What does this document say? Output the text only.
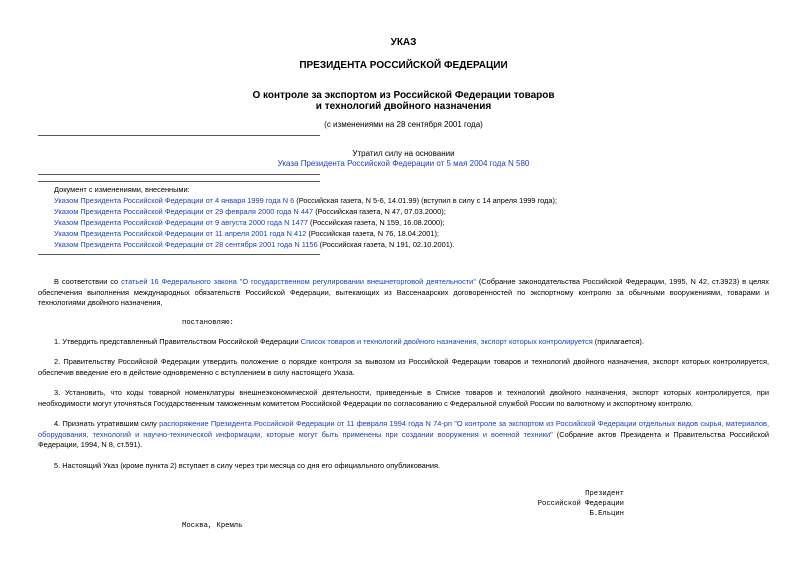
УКАЗ
ПРЕЗИДЕНТА РОССИЙСКОЙ ФЕДЕРАЦИИ
О контроле за экспортом из Российской Федерации товаров
и технологий двойного назначения
(с изменениями на 28 сентября 2001 года)
Утратил силу на основании
Указа Президента Российской Федерации от 5 мая 2004 года N 580
Документ с изменениями, внесенными:
Указом Президента Российской Федерации от 4 января 1999 года N 6 (Российская газета, N 5-6, 14.01.99) (вступил в силу с 14 апреля 1999 года);
Указом Президента Российской Федерации от 29 февраля 2000 года N 447 (Российская газета, N 47, 07.03.2000);
Указом Президента Российской Федерации от 9 августа 2000 года N 1477 (Российская газета, N 159, 16.08.2000);
Указом Президента Российской Федерации от 11 апреля 2001 года N 412 (Российская газета, N 76, 18.04.2001);
Указом Президента Российской Федерации от 28 сентября 2001 года N 1156 (Российская газета, N 191, 02.10.2001).
В соответствии со статьей 16 Федерального закона "О государственном регулировании внешнеторговой деятельности" (Собрание законодательства Российской Федерации, 1995, N 42, ст.3923) в целях обеспечения выполнения международных обязательств Российской Федерации, вытекающих из Вассенаарских договоренностей по экспортному контролю за обычными вооружениями, товарами и технологиями двойного назначения,
постановляю:
1. Утвердить представленный Правительством Российской Федерации Список товаров и технологий двойного назначения, экспорт которых контролируется (прилагается).
2. Правительству Российской Федерации утвердить положение о порядке контроля за вывозом из Российской Федерации товаров и технологий двойного назначения, экспорт которых контролируется, обеспечив введение его в действие одновременно с вступлением в силу настоящего Указа.
3. Установить, что коды товарной номенклатуры внешнеэкономической деятельности, приведенные в Списке товаров и технологий двойного назначения, экспорт которых контролируется, при необходимости могут уточняться Государственным таможенным комитетом Российской Федерации по согласованию с Федеральной службой России по валютному и экспортному контролю.
4. Признать утратившим силу распоряжение Президента Российской Федерации от 11 февраля 1994 года N 74-рп "О контроле за экспортом из Российской Федерации отдельных видов сырья, материалов, оборудования, технологий и научно-технической информации, которые могут быть применены при создании вооружения и военной техники" (Собрание актов Президента и Правительства Российской Федерации, 1994, N 8, ст.591).
5. Настоящий Указ (кроме пункта 2) вступает в силу через три месяца со дня его официального опубликования.
Президент
Российской Федерации
Б.Ельцин
Москва, Кремль
